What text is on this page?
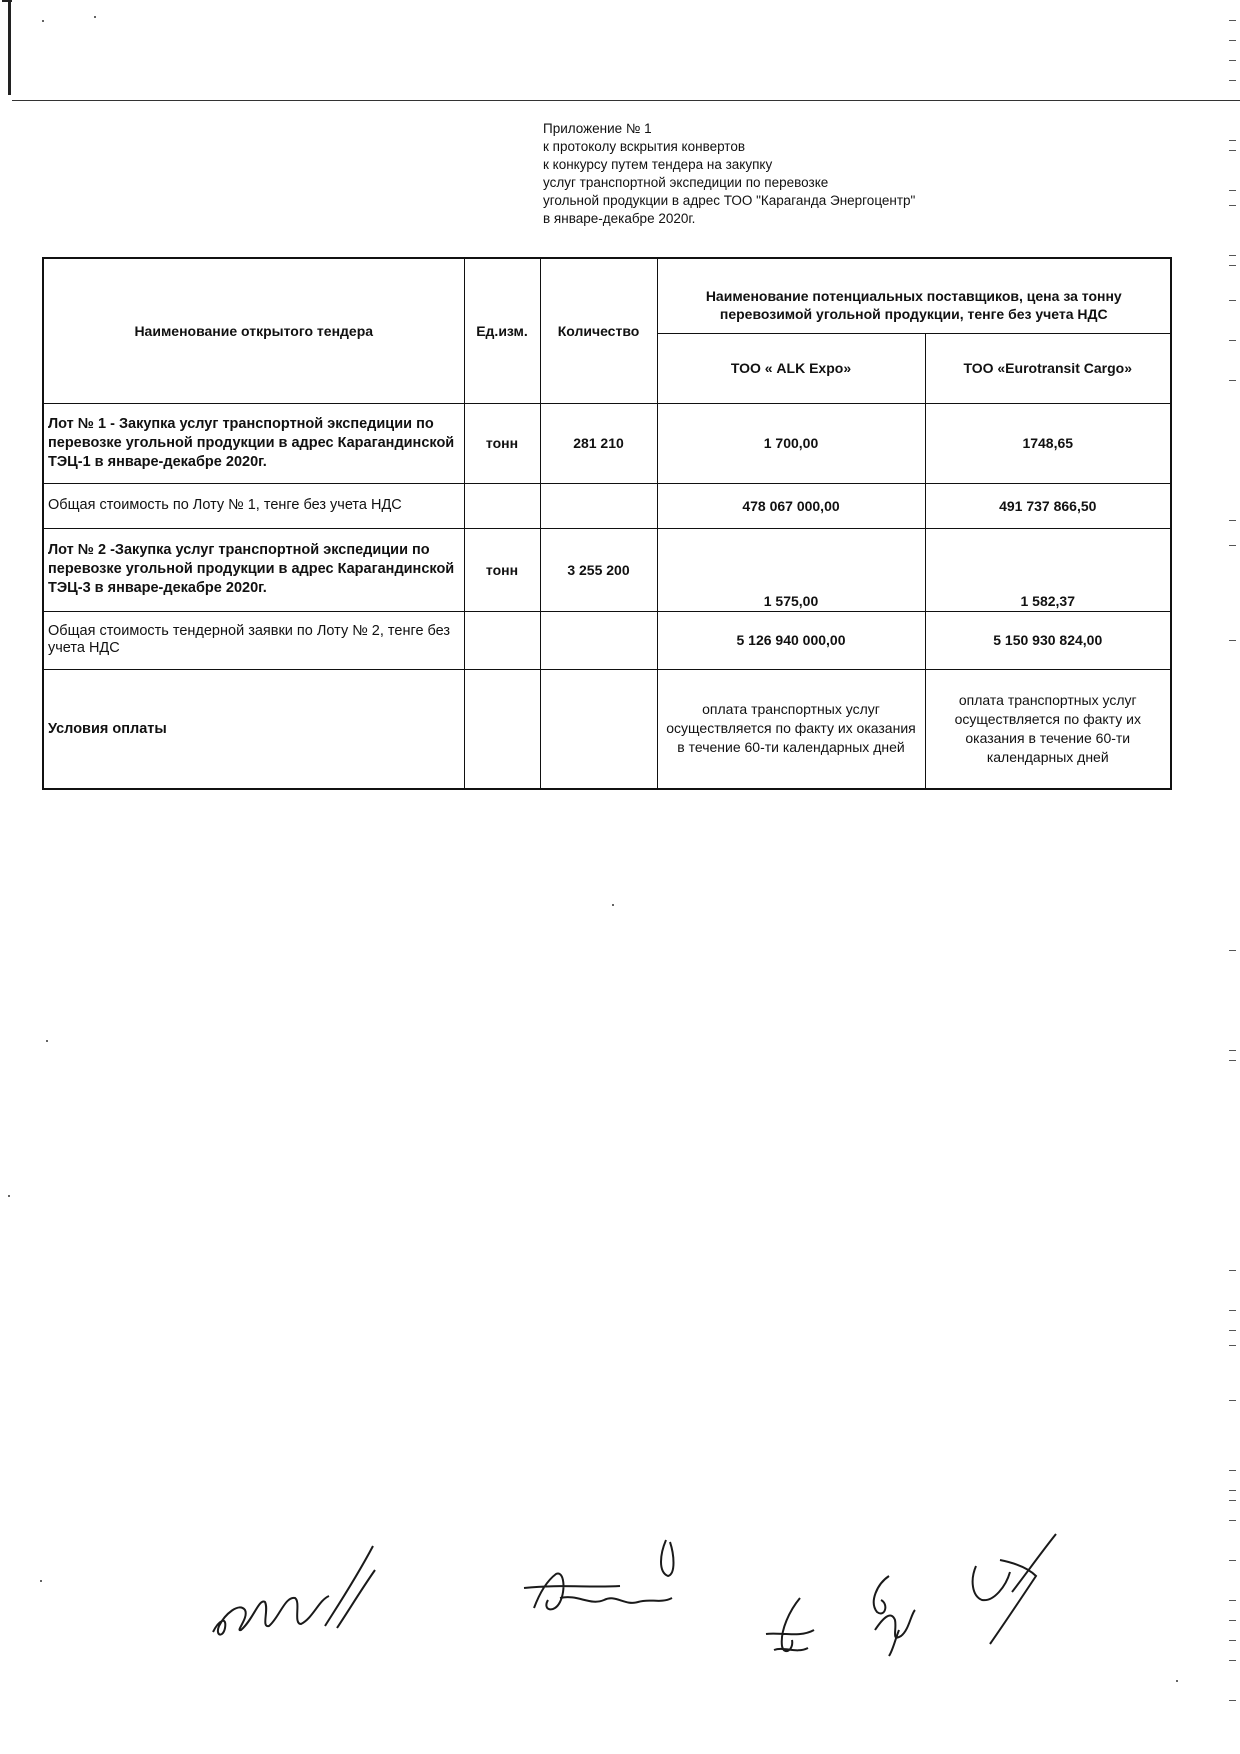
Приложение № 1
к протоколу вскрытия конвертов
к конкурсу путем тендера на закупку
услуг транспортной экспедиции по перевозке
угольной продукции в адрес ТОО "Караганда Энергоцентр"
в январе-декабре 2020г.
Наименование открытого тендера	Ед.изм.	Количество	Наименование потенциальных поставщиков, цена за тонну перевозимой угольной продукции, тенге без учета НДС	
			ТОО « ALK Expo»	ТОО «Eurotransit Cargo»
Лот № 1 - Закупка услуг транспортной экспедиции по перевозке угольной продукции в адрес Карагандинской ТЭЦ-1 в январе-декабре 2020г.	тонн	281 210	1 700,00	1748,65
Общая стоимость по Лоту № 1, тенге без учета НДС			478 067 000,00	491 737 866,50
Лот № 2 -Закупка услуг транспортной экспедиции по перевозке угольной продукции в адрес Карагандинской ТЭЦ-3 в январе-декабре 2020г.	тонн	3 255 200	1 575,00	1 582,37
Общая стоимость тендерной заявки по Лоту № 2, тенге без учета НДС			5 126 940 000,00	5 150 930 824,00
Условия оплаты			оплата транспортных услуг осуществляется по факту их оказания в течение 60-ти календарных дней	оплата транспортных услуг осуществляется по факту их оказания в течение 60-ти календарных дней
